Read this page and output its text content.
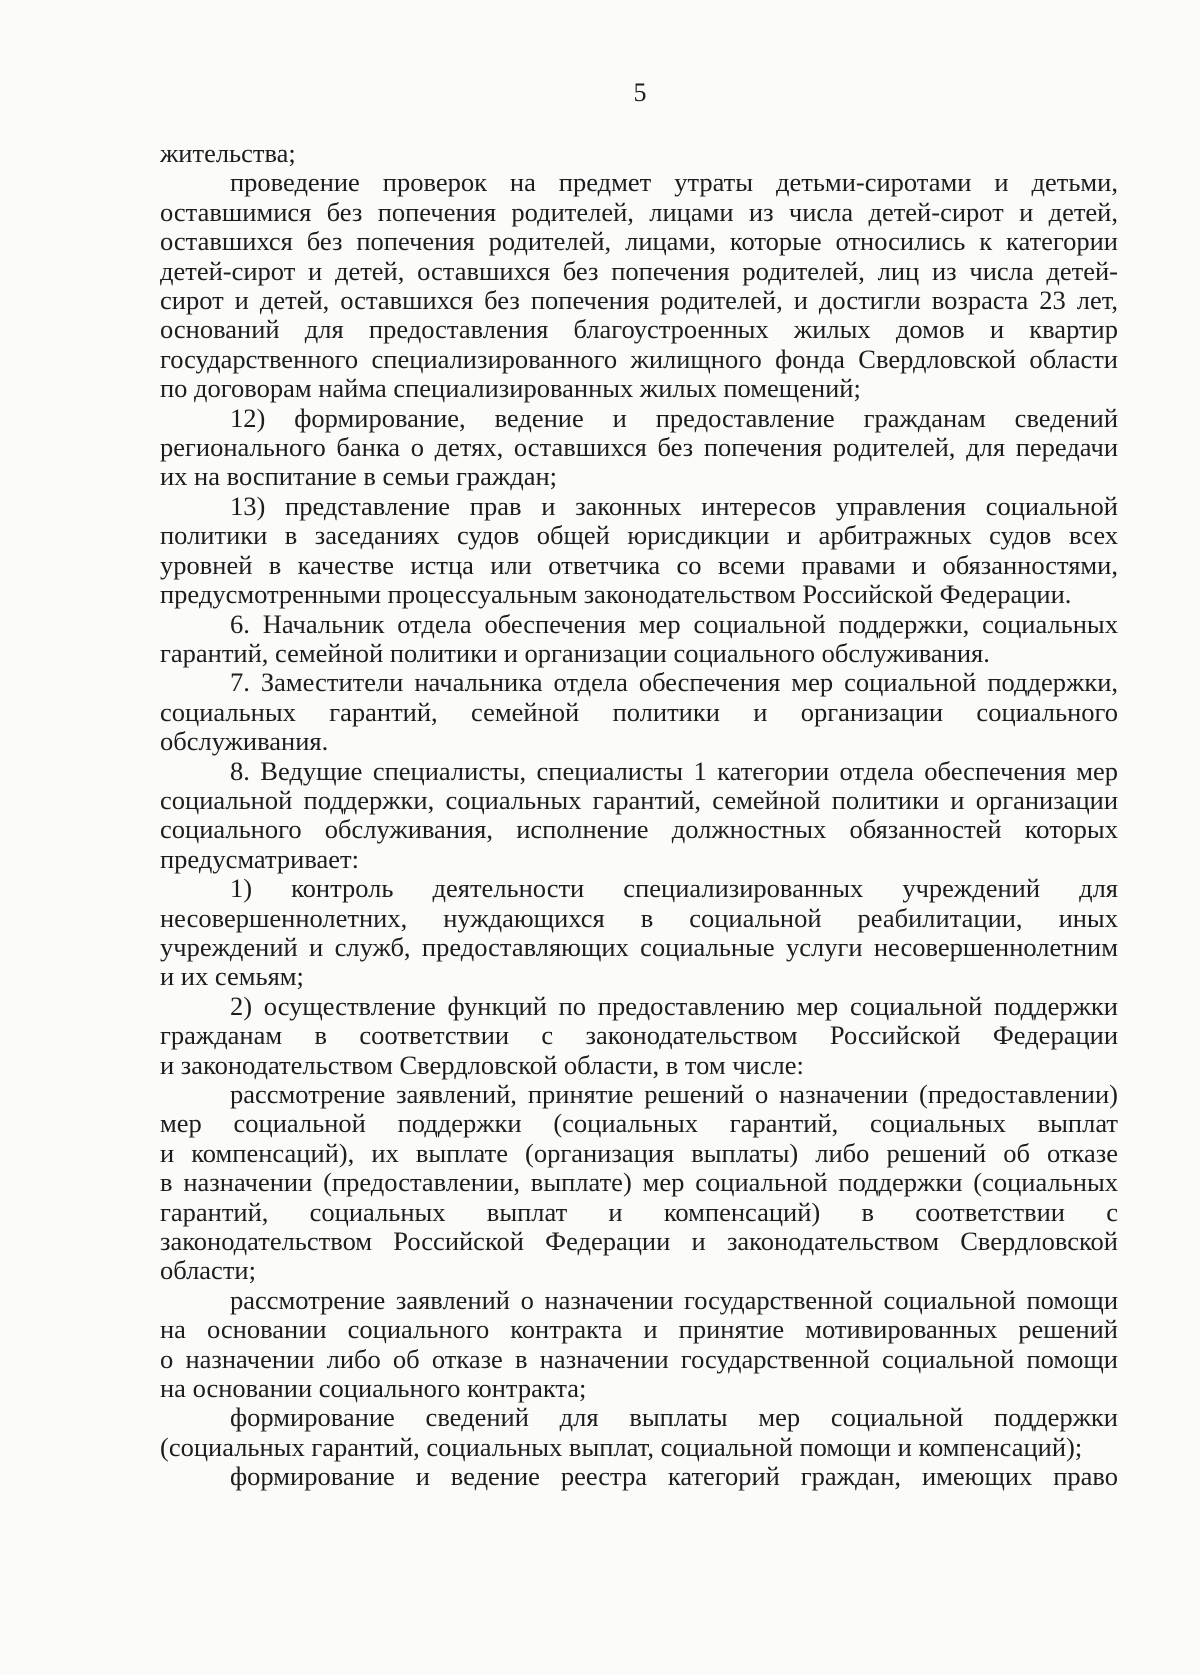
5

жительства;

проведение проверок на предмет утраты детьми-сиротами и детьми,

оставшимися без попечения родителей, лицами из числа детей-сирот и детей,

оставшихся без попечения родителей, лицами, которые относились к категории

детей-сирот и детей, оставшихся без попечения родителей, лиц из числа детей-

сирот и детей, оставшихся без попечения родителей, и достигли возраста 23 лет,

оснований для предоставления благоустроенных жилых домов и квартир

государственного специализированного жилищного фонда Свердловской области

по договорам найма специализированных жилых помещений;

12) формирование, ведение и предоставление гражданам сведений

регионального банка о детях, оставшихся без попечения родителей, для передачи

их на воспитание в семьи граждан;

13) представление прав и законных интересов управления социальной

политики в заседаниях судов общей юрисдикции и арбитражных судов всех

уровней в качестве истца или ответчика со всеми правами и обязанностями,

предусмотренными процессуальным законодательством Российской Федерации.

6. Начальник отдела обеспечения мер социальной поддержки, социальных

гарантий, семейной политики и организации социального обслуживания.

7. Заместители начальника отдела обеспечения мер социальной поддержки,

социальных гарантий, семейной политики и организации социального

обслуживания.

8. Ведущие специалисты, специалисты 1 категории отдела обеспечения мер

социальной поддержки, социальных гарантий, семейной политики и организации

социального обслуживания, исполнение должностных обязанностей которых

предусматривает:

1) контроль деятельности специализированных учреждений для

несовершеннолетних, нуждающихся в социальной реабилитации, иных

учреждений и служб, предоставляющих социальные услуги несовершеннолетним

и их семьям;

2) осуществление функций по предоставлению мер социальной поддержки

гражданам в соответствии с законодательством Российской Федерации

и законодательством Свердловской области, в том числе:

рассмотрение заявлений, принятие решений о назначении (предоставлении)

мер социальной поддержки (социальных гарантий, социальных выплат

и компенсаций), их выплате (организация выплаты) либо решений об отказе

в назначении (предоставлении, выплате) мер социальной поддержки (социальных

гарантий, социальных выплат и компенсаций) в соответствии с

законодательством Российской Федерации и законодательством Свердловской

области;

рассмотрение заявлений о назначении государственной социальной помощи

на основании социального контракта и принятие мотивированных решений

о назначении либо об отказе в назначении государственной социальной помощи

на основании социального контракта;

формирование сведений для выплаты мер социальной поддержки

(социальных гарантий, социальных выплат, социальной помощи и компенсаций);

формирование и ведение реестра категорий граждан, имеющих право
